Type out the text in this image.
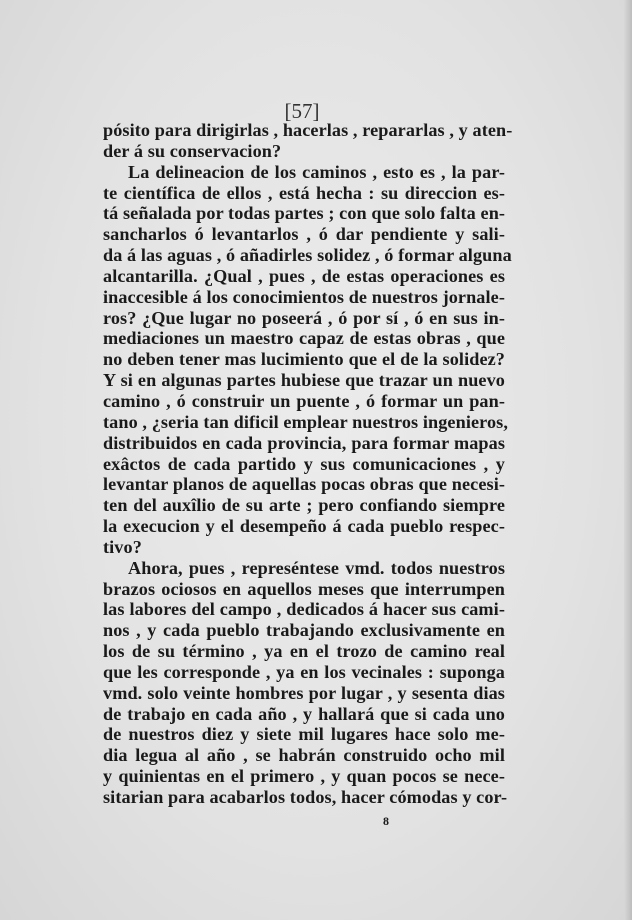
[57]
pósito para dirigirlas , hacerlas , repararlas , y aten-
der á su conservacion?
La delineacion de los caminos , esto es , la par-
te científica de ellos , está hecha : su direccion es-
tá señalada por todas partes ; con que solo falta en-
sancharlos ó levantarlos , ó dar pendiente y sali-
da á las aguas , ó añadirles solidez , ó formar alguna
alcantarilla. ¿Qual , pues , de estas operaciones es
inaccesible á los conocimientos de nuestros jornale-
ros? ¿Que lugar no poseerá , ó por sí , ó en sus in-
mediaciones un maestro capaz de estas obras , que
no deben tener mas lucimiento que el de la solidez?
Y si en algunas partes hubiese que trazar un nuevo
camino , ó construir un puente , ó formar un pan-
tano , ¿seria tan dificil emplear nuestros ingenieros,
distribuidos en cada provincia, para formar mapas
exâctos de cada partido y sus comunicaciones , y
levantar planos de aquellas pocas obras que necesi-
ten del auxîlio de su arte ; pero confiando siempre
la execucion y el desempeño á cada pueblo respec-
tivo?
Ahora, pues , represéntese vmd. todos nuestros
brazos ociosos en aquellos meses que interrumpen
las labores del campo , dedicados á hacer sus cami-
nos , y cada pueblo trabajando exclusivamente en
los de su término , ya en el trozo de camino real
que les corresponde , ya en los vecinales : suponga
vmd. solo veinte hombres por lugar , y sesenta dias
de trabajo en cada año , y hallará que si cada uno
de nuestros diez y siete mil lugares hace solo me-
dia legua al año , se habrán construido ocho mil
y quinientas en el primero , y quan pocos se nece-
sitarian para acabarlos todos, hacer cómodas y cor-
8
